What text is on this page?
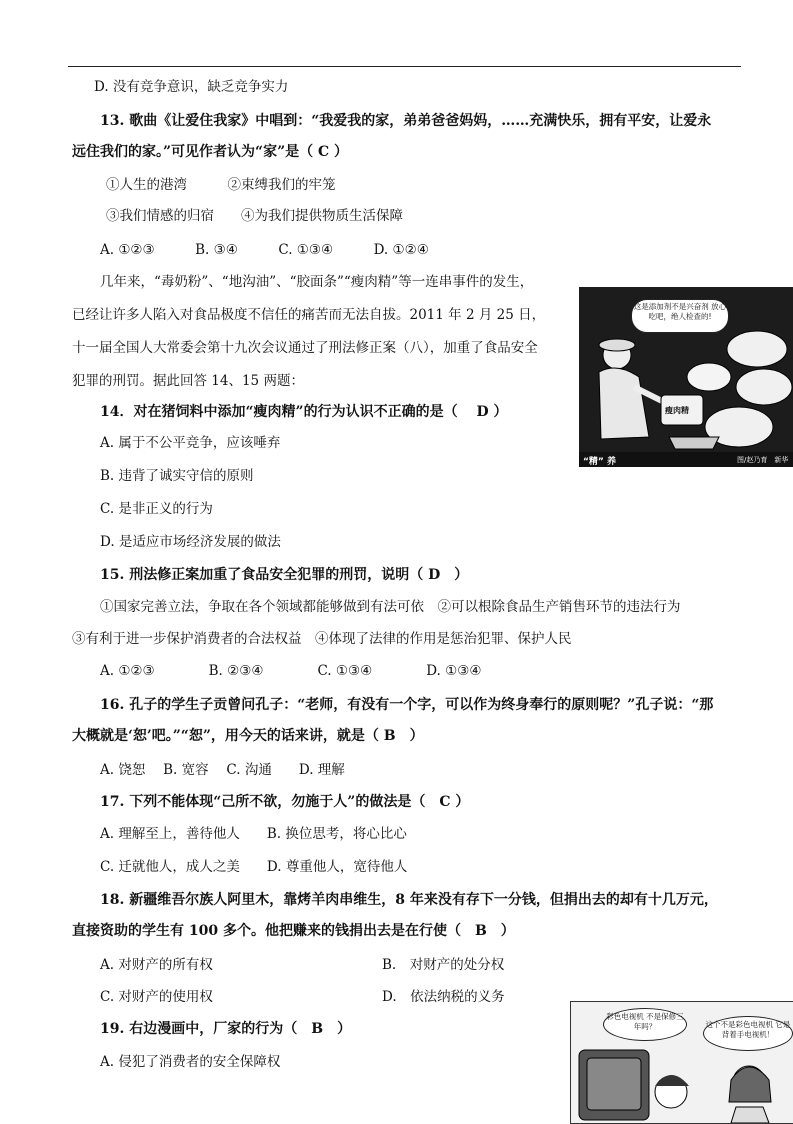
D. 没有竞争意识，缺乏竞争实力
13. 歌曲《让爱住我家》中唱到：“我爱我的家，弟弟爸爸妈妈，……充满快乐，拥有平安，让爱永
远住我们的家。”可见作者认为“家”是（ C ）
①人生的港湾　　　②束缚我们的牢笼
③我们情感的归宿　　④为我们提供物质生活保障
A. ①②③　　　B. ③④　　　C. ①③④　　　D. ①②④
几年来，“毒奶粉”、“地沟油”、“胶面条”“瘦肉精”等一连串事件的发生，
已经让许多人陷入对食品极度不信任的痛苦而无法自拔。2011 年 2 月 25 日，
十一届全国人大常委会第十九次会议通过了刑法修正案（八），加重了食品安全
犯罪的刑罚。据此回答 14、15 两题：
14．对在猪饲料中添加“瘦肉精”的行为认识不正确的是（　 D ）
A. 属于不公平竞争，应该唾弃
B. 违背了诚实守信的原则
C. 是非正义的行为
D. 是适应市场经济发展的做法
15. 刑法修正案加重了食品安全犯罪的刑罚，说明（ D　）
①国家完善立法，争取在各个领域都能够做到有法可依　②可以根除食品生产销售环节的违法行为
③有利于进一步保护消费者的合法权益　④体现了法律的作用是惩治犯罪、保护人民
A. ①②③　　　　B. ②③④　　　　C. ①③④　　　　D. ①③④
16. 孔子的学生子贡曾问孔子：“老师，有没有一个字，可以作为终身奉行的原则呢？”孔子说：“那
大概就是‘恕’吧。”“恕”，用今天的话来讲，就是（ B　）
A. 饶恕　 B. 宽容　 C. 沟通　　D. 理解
17. 下列不能体现“己所不欲，勿施于人”的做法是（　C ）
A. 理解至上，善待他人　　B. 换位思考，将心比心
C. 迁就他人，成人之美　　D. 尊重他人，宽待他人
18. 新疆维吾尔族人阿里木，靠烤羊肉串维生，8 年来没有存下一分钱，但捐出去的却有十几万元，
直接资助的学生有 100 多个。他把赚来的钱捐出去是在行使（　B　）
A. 对财产的所有权	B.　对财产的处分权
C. 对财产的使用权	D.　依法纳税的义务
19. 右边漫画中，厂家的行为（　B　）
A. 侵犯了消费者的安全保障权
这是添加剂不是兴奋剂 放心吃吧，绝人检查的!
瘦肉精
“精” 养	图/赵乃育　新华
彩色电视机 不是保修三年吗？	这个不是彩色电视机 它是背着手电视机！
